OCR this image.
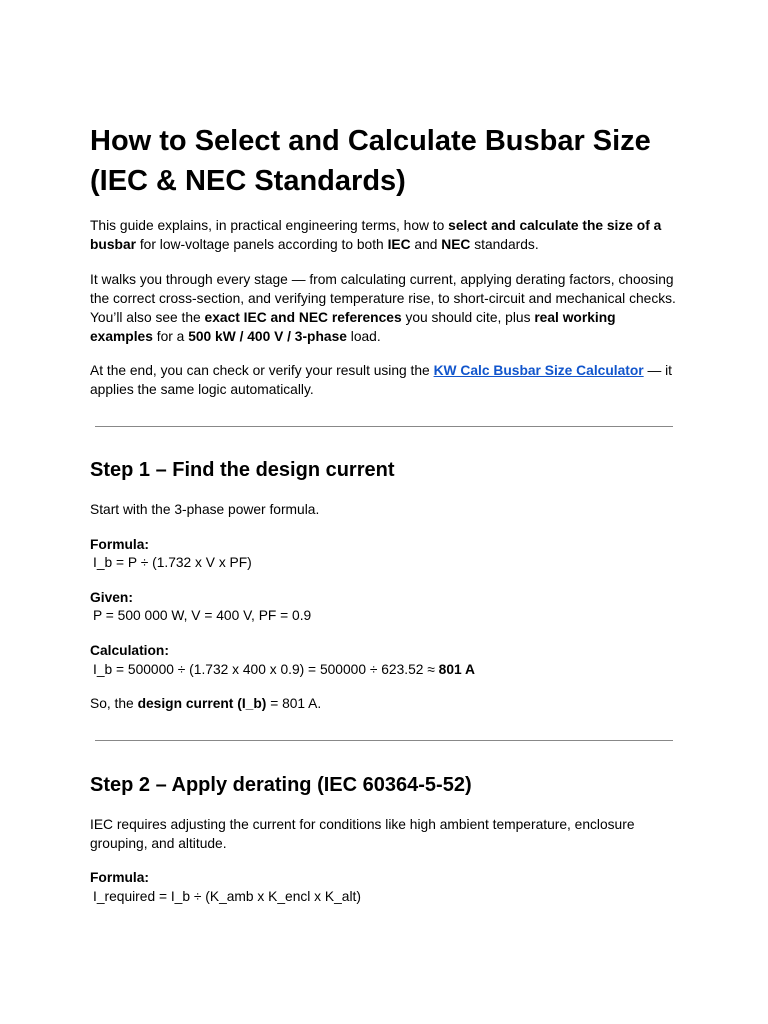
How to Select and Calculate Busbar Size (IEC & NEC Standards)

This guide explains, in practical engineering terms, how to select and calculate the size of a busbar for low-voltage panels according to both IEC and NEC standards.

It walks you through every stage — from calculating current, applying derating factors, choosing the correct cross-section, and verifying temperature rise, to short-circuit and mechanical checks. You’ll also see the exact IEC and NEC references you should cite, plus real working examples for a 500 kW / 400 V / 3-phase load.

At the end, you can check or verify your result using the KW Calc Busbar Size Calculator — it applies the same logic automatically.

Step 1 – Find the design current

Start with the 3-phase power formula.

Formula:

I_b = P ÷ (1.732 x V x PF)

Given:

P = 500 000 W, V = 400 V, PF = 0.9

Calculation:

I_b = 500000 ÷ (1.732 x 400 x 0.9) = 500000 ÷ 623.52 ≈ 801 A

So, the design current (I_b) = 801 A.

Step 2 – Apply derating (IEC 60364-5-52)

IEC requires adjusting the current for conditions like high ambient temperature, enclosure grouping, and altitude.

Formula:

I_required = I_b ÷ (K_amb x K_encl x K_alt)
